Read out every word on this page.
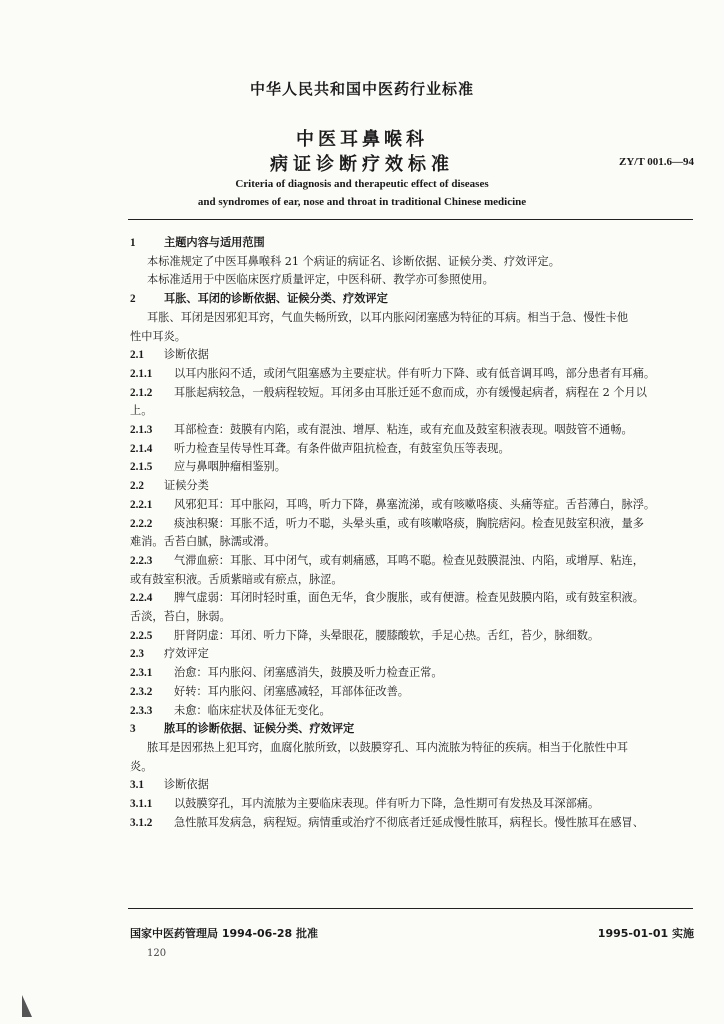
中华人民共和国中医药行业标准
中医耳鼻喉科
病证诊断疗效标准	ZY/T 001.6—94
Criteria of diagnosis and therapeutic effect of diseases
and syndromes of ear, nose and throat in traditional Chinese medicine
1	主题内容与适用范围
本标准规定了中医耳鼻喉科 21 个病证的病证名、诊断依据、证候分类、疗效评定。
本标准适用于中医临床医疗质量评定，中医科研、教学亦可参照使用。
2	耳胀、耳闭的诊断依据、证候分类、疗效评定
耳胀、耳闭是因邪犯耳窍，气血失畅所致，以耳内胀闷闭塞感为特征的耳病。相当于急、慢性卡他
性中耳炎。
2.1 诊断依据
2.1.1 以耳内胀闷不适，或闭气阻塞感为主要症状。伴有听力下降、或有低音调耳鸣，部分患者有耳痛。
2.1.2 耳胀起病较急，一般病程较短。耳闭多由耳胀迁延不愈而成，亦有缓慢起病者，病程在 2 个月以
上。
2.1.3 耳部检查：鼓膜有内陷，或有混浊、增厚、粘连，或有充血及鼓室积液表现。咽鼓管不通畅。
2.1.4 听力检查呈传导性耳聋。有条件做声阻抗检查，有鼓室负压等表现。
2.1.5 应与鼻咽肿瘤相鉴别。
2.2 证候分类
2.2.1 风邪犯耳：耳中胀闷，耳鸣，听力下降，鼻塞流涕，或有咳嗽咯痰、头痛等症。舌苔薄白，脉浮。
2.2.2 痰浊积聚：耳胀不适，听力不聪，头晕头重，或有咳嗽咯痰，胸脘痞闷。检查见鼓室积液，量多
难消。舌苔白腻，脉濡或滑。
2.2.3 气滞血瘀：耳胀、耳中闭气，或有刺痛感，耳鸣不聪。检查见鼓膜混浊、内陷，或增厚、粘连，
或有鼓室积液。舌质紫暗或有瘀点，脉涩。
2.2.4 脾气虚弱：耳闭时轻时重，面色无华，食少腹胀，或有便溏。检查见鼓膜内陷，或有鼓室积液。
舌淡，苔白，脉弱。
2.2.5 肝肾阴虚：耳闭、听力下降，头晕眼花，腰膝酸软，手足心热。舌红，苔少，脉细数。
2.3 疗效评定
2.3.1 治愈：耳内胀闷、闭塞感消失，鼓膜及听力检查正常。
2.3.2 好转：耳内胀闷、闭塞感减轻，耳部体征改善。
2.3.3 未愈：临床症状及体征无变化。
3	脓耳的诊断依据、证候分类、疗效评定
脓耳是因邪热上犯耳窍，血腐化脓所致，以鼓膜穿孔、耳内流脓为特征的疾病。相当于化脓性中耳
炎。
3.1 诊断依据
3.1.1 以鼓膜穿孔，耳内流脓为主要临床表现。伴有听力下降，急性期可有发热及耳深部痛。
3.1.2 急性脓耳发病急，病程短。病情重或治疗不彻底者迁延成慢性脓耳，病程长。慢性脓耳在感冒、
国家中医药管理局 1994-06-28 批准	1995-01-01 实施
120
